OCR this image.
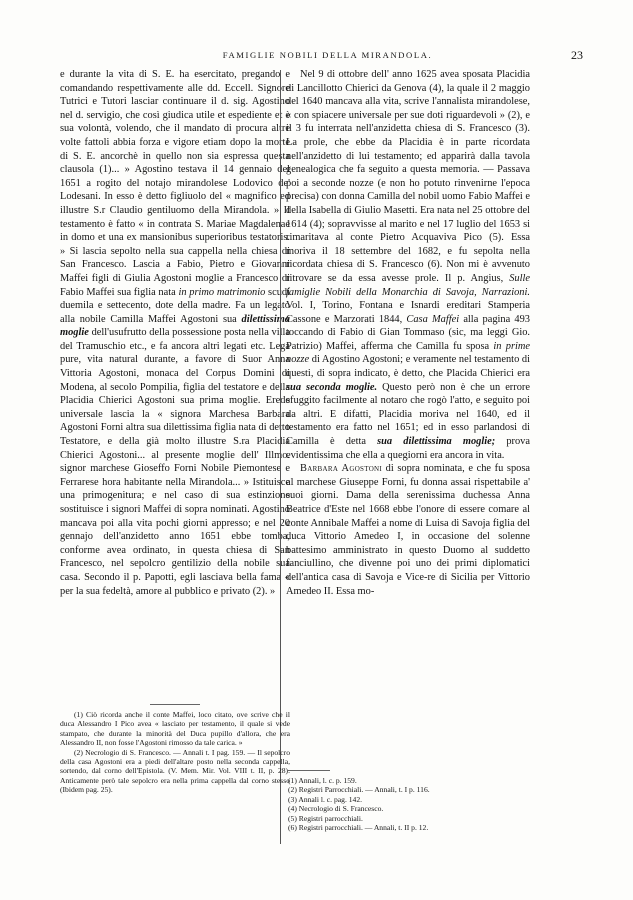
FAMIGLIE NOBILI DELLA MIRANDOLA.	23

e durante la vita di S. E. ha esercitato, pregando e comandando respettivamente alle dd. Eccell. Signore Tutrici e Tutori lasciar continuare il d. sig. Agostino nel d. servigio, che così giudica utile et espediente et è sua volontà, volendo, che il mandato di procura altre volte fattoli abbia forza e vigore etiam dopo la morte di S. E. ancorchè in quello non sia espressa questa clausola (1)... » Agostino testava il 14 gennaio del 1651 a rogito del notajo mirandolese Lodovico de' Lodesani. In esso è detto figliuolo del « magnifico ed illustre S.r Claudio gentiluomo della Mirandola. » Il testamento è fatto « in contrata S. Mariae Magdalenae in domo et una ex mansionibus superioribus testatoris. » Si lascia sepolto nella sua cappella nella chiesa di San Francesco. Lascia a Fabio, Pietro e Giovanni Maffei figli di Giulia Agostoni moglie a Francesco di Fabio Maffei sua figlia nata in primo matrimonio scudi duemila e settecento, dote della madre. Fa un legato alla nobile Camilla Maffei Agostoni sua dilettissima moglie dell'usufrutto della possessione posta nella villa del Tramuschio etc., e fa ancora altri legati etc. Lega pure, vita natural durante, a favore di Suor Anna Vittoria Agostoni, monaca del Corpus Domini di Modena, al secolo Pompilia, figlia del testatore e della Placidia Chierici Agostoni sua prima moglie. Erede universale lascia la « signora Marchesa Barbara Agostoni Forni altra sua dilettissima figlia nata di detto Testatore, e della già molto illustre S.ra Placidia Chierici Agostoni... al presente moglie dell' Illmo. signor marchese Gioseffo Forni Nobile Piemontese e Ferrarese hora habitante nella Mirandola... » Istituisce una primogenitura; e nel caso di sua estinzione sostituisce i signori Maffei di sopra nominati. Agostino mancava poi alla vita pochi giorni appresso; e nel 20 gennajo dell'anzidetto anno 1651 ebbe tomba, conforme avea ordinato, in questa chiesa di San Francesco, nel sepolcro gentilizio della nobile sua casa. Secondo il p. Papotti, egli lasciava bella fama « per la sua fedeltà, amore al pubblico e privato (2). »

Nel 9 di ottobre dell' anno 1625 avea sposata Placidia di Lancillotto Chierici da Genova (4), la quale il 2 maggio del 1640 mancava alla vita, scrive l'annalista mirandolese, « con spiacere universale per sue doti riguardevoli » (2), e il 3 fu interrata nell'anzidetta chiesa di S. Francesco (3). La prole, che ebbe da Placidia è in parte ricordata nell'anzidetto di lui testamento; ed apparirà dalla tavola genealogica che fa seguito a questa memoria. — Passava poi a seconde nozze (e non ho potuto rinvenirne l'epoca precisa) con donna Camilla del nobil uomo Fabio Maffei e della Isabella di Giulio Masetti. Era nata nel 25 ottobre del 1614 (4); sopravvisse al marito e nel 17 luglio del 1653 si rimaritava al conte Pietro Acquaviva Pico (5). Essa moriva il 18 settembre del 1682, e fu sepolta nella ricordata chiesa di S. Francesco (6). Non mi è avvenuto ritrovare se da essa avesse prole. Il p. Angius, Sulle famiglie Nobili della Monarchia di Savoja, Narrazioni. Vol. I, Torino, Fontana e Isnardi ereditari Stamperia Cassone e Marzorati 1844, Casa Maffei alla pagina 493 toccando di Fabio di Gian Tommaso (sic, ma leggi Gio. Patrizio) Maffei, afferma che Camilla fu sposa in prime nozze di Agostino Agostoni; e veramente nel testamento di questi, di sopra indicato, è detto, che Placida Chierici era sua seconda moglie. Questo però non è che un errore sfuggito facilmente al notaro che rogò l'atto, e seguito poi da altri. E difatti, Placidia moriva nel 1640, ed il testamento era fatto nel 1651; ed in esso parlandosi di Camilla è detta sua dilettissima moglie; prova evidentissima che ella a quegiorni era ancora in vita.

Barbara Agostoni di sopra nominata, e che fu sposa al marchese Giuseppe Forni, fu donna assai rispettabile a' suoi giorni. Dama della serenissima duchessa Anna Beatrice d'Este nel 1668 ebbe l'onore di essere comare al conte Annibale Maffei a nome di Luisa di Savoja figlia del duca Vittorio Amedeo I, in occasione del solenne battesimo amministrato in questo Duomo al suddetto fanciullino, che divenne poi uno dei primi diplomatici dell'antica casa di Savoja e Vice-re di Sicilia per Vittorio Amedeo II. Essa mo-

(1) Ciò ricorda anche il conte Maffei, loco citato, ove scrive che il duca Alessandro I Pico avea « lasciato per testamento, il quale si vede stampato, che durante la minorità del Duca pupillo d'allora, che era Alessandro II, non fosse l'Agostoni rimosso da tale carica. »

(2) Necrologio di S. Francesco. — Annali t. I pag. 159. — Il sepolcro della casa Agostoni era a piedi dell'altare posto nella seconda cappella, sortendo, dal corno dell'Epistola. (V. Mem. Mir. Vol. VIII t. II, p. 28). Anticamente però tale sepolcro era nella prima cappella dal corno stesso (Ibidem pag. 25).

(1) Annali, l. c. p. 159.

(2) Registri Parrocchiali. — Annali, t. I p. 116.

(3) Annali l. c. pag. 142.

(4) Necrologio di S. Francesco.

(5) Registri parrocchiali.

(6) Registri parrocchiali. — Annali, t. II p. 12.
